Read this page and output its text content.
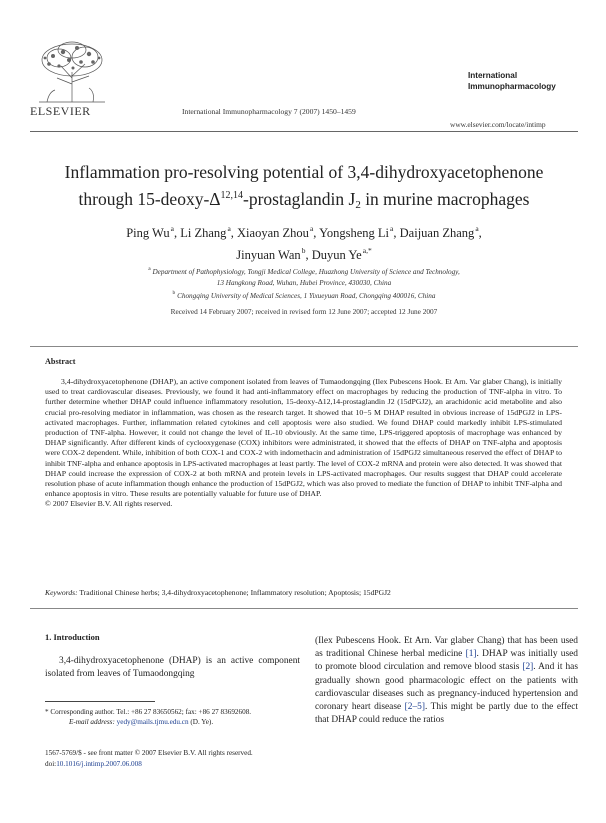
ELSEVIER	International Immunopharmacology 7 (2007) 1450–1459
International
Immunopharmacology
www.elsevier.com/locate/intimp
Inflammation pro-resolving potential of 3,4-dihydroxyacetophenone
through $15-deoxy-\Delta^{12,14}$-prostaglandin $J_2$ in murine macrophages
Ping Wu $^a$, Li Zhang $^a$, Xiaoyan Zhou $^a$, Yongsheng Li $^a$, Daijuan Zhang $^a$,
Jinyuan Wan $^b$, Duyun Ye $^{a,*}$
$^a$ Department of Pathophysiology, Tongji Medical College, Huazhong University of Science and Technology,
13 Hangkong Road, Wuhan, Hubei Province, 430030, China
$^b$ Chongqing University of Medical Sciences, 1 Yixueyuan Road, Chongqing 400016, China
Received 14 February 2007; received in revised form 12 June 2007; accepted 12 June 2007
Abstract

3,4-dihydroxyacetophenone (DHAP), an active component isolated from leaves of Tumaodongqing (Ilex Pubescens Hook. Et Arn. Var glaber Chang), is initially used to treat cardiovascular diseases. Previously, we found it had anti-inflammatory effect on macrophages by reducing the production of TNF-alpha in vitro. To further determine whether DHAP could influence inflammatory resolution, 15-deoxy-Δ12,14-prostaglandin J2 (15dPGJ2), an arachidonic acid metabolite and also crucial pro-resolving mediator in inflammation, was chosen as the research target. It showed that 10−5 M DHAP resulted in obvious increase of 15dPGJ2 in LPS-activated macrophages. Further, inflammation related cytokines and cell apoptosis were also studied. We found DHAP could markedly inhibit LPS-stimulated production of TNF-alpha. However, it could not change the level of IL-10 obviously. At the same time, LPS-triggered apoptosis of macrophage was enhanced by DHAP significantly. After different kinds of cyclooxygenase (COX) inhibitors were administrated, it showed that the effects of DHAP on TNF-alpha and apoptosis were COX-2 dependent. While, inhibition of both COX-1 and COX-2 with indomethacin and administration of 15dPGJ2 simultaneous reserved the effect of DHAP to inhibit TNF-alpha and enhance apoptosis in LPS-activated macrophages at least partly. The level of COX-2 mRNA and protein were also detected. It was showed that DHAP could increase the expression of COX-2 at both mRNA and protein levels in LPS-activated macrophages. Our results suggest that DHAP could accelerate resolution phase of acute inflammation though enhance the production of 15dPGJ2, which was also proved to mediate the function of DHAP to inhibit TNF-alpha and enhance apoptosis in vitro. These results are potentially valuable for future use of DHAP.

© 2007 Elsevier B.V. All rights reserved.

Keywords: Traditional Chinese herbs; 3,4-dihydroxyacetophenone; Inflammatory resolution; Apoptosis; 15dPGJ2
1. Introduction

3,4-dihydroxyacetophenone (DHAP) is an active component isolated from leaves of Tumaodongqing

(Ilex Pubescens Hook. Et Arn. Var glaber Chang) that has been used as traditional Chinese herbal medicine [1]. DHAP was initially used to promote blood circulation and remove blood stasis [2]. And it has gradually shown good pharmacologic effect on the patients with cardiovascular diseases such as pregnancy-induced hypertension and coronary heart disease [2–5]. This might be partly due to the effect that DHAP could reduce the ratios

* Corresponding author. Tel.: +86 27 83650562; fax: +86 27 83692608.

E-mail address: yedy@mails.tjmu.edu.cn (D. Ye).

1567-5769/$ - see front matter © 2007 Elsevier B.V. All rights reserved.
doi:10.1016/j.intimp.2007.06.008
